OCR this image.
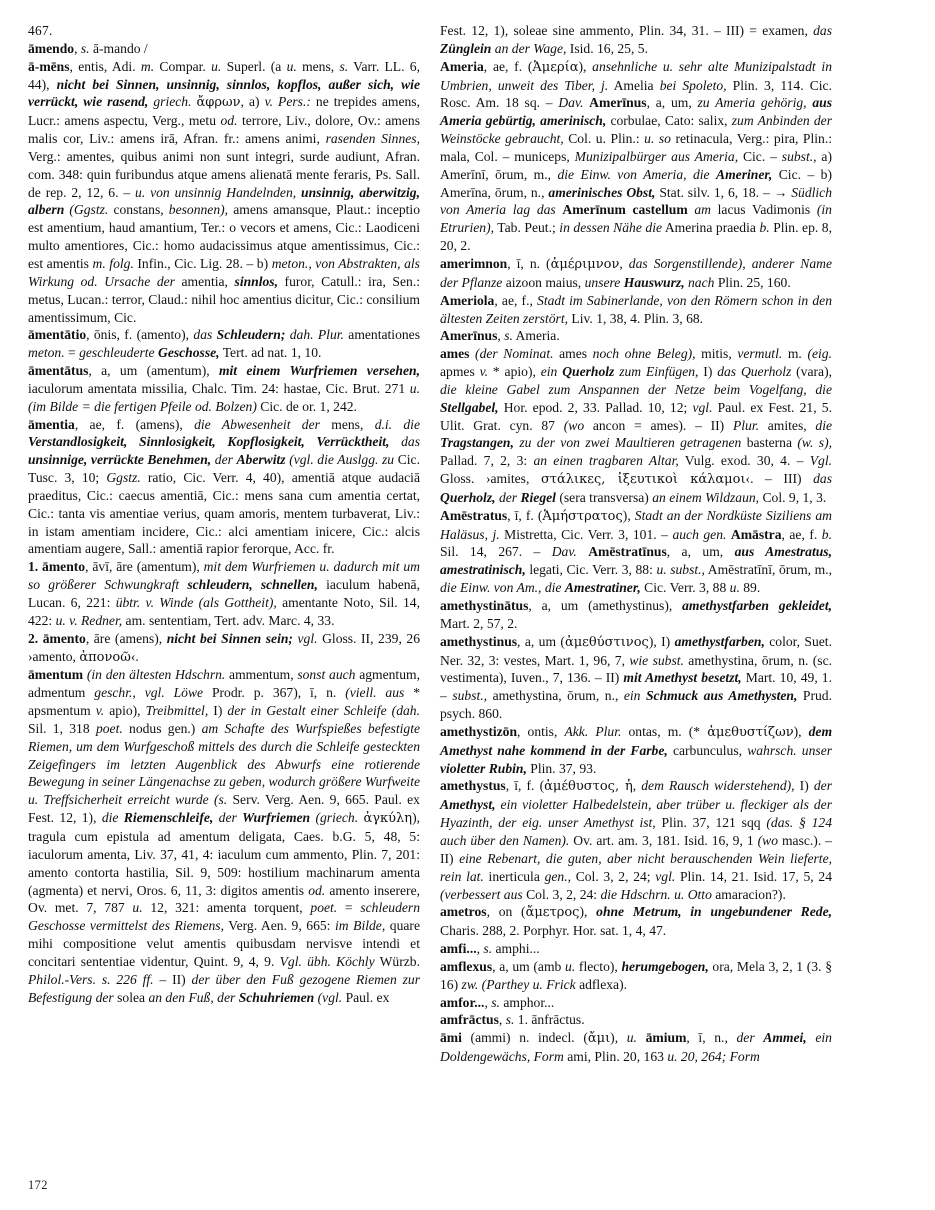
467.
āmendo, s. ā-mando /
ā-mēns, entis, Adi. m. Compar. u. Superl. (a u. mens, s. Varr. LL. 6, 44), nicht bei Sinnen, unsinnig, sinnlos, kopflos, außer sich, wie verrückt, wie rasend, griech. ἄφρων, a) v. Pers.: ne trepides amens, Lucr.: amens aspectu, Verg., metu od. terrore, Liv., dolore, Ov.: amens malis cor, Liv.: amens irā, Afran. fr.: amens animi, rasenden Sinnes, Verg.: amentes, quibus animi non sunt integri, surde audiunt, Afran. com. 348: quin furibundus atque amens alienatā mente feraris, Ps. Sall. de rep. 2, 12, 6. – u. von unsinnig Handelnden, unsinnig, aberwitzig, albern (Ggstz. constans, besonnen), amens amansque, Plaut.: inceptio est amentium, haud amantium, Ter.: o vecors et amens, Cic.: Laodiceni multo amentiores, Cic.: homo audacissimus atque amentissimus, Cic.: est amentis m. folg. Infin., Cic. Lig. 28. – b) meton., von Abstrakten, als Wirkung od. Ursache der amentia, sinnlos, furor, Catull.: ira, Sen.: metus, Lucan.: terror, Claud.: nihil hoc amentius dicitur, Cic.: consilium amentissimum, Cic.
āmentātio, ōnis, f. (amento), das Schleudern; dah. Plur. amentationes meton. = geschleuderte Geschosse, Tert. ad nat. 1, 10.
āmentātus, a, um (amentum), mit einem Wurfriemen versehen, iaculorum amentata missilia, Chalc. Tim. 24: hastae, Cic. Brut. 271 u. (im Bilde = die fertigen Pfeile od. Bolzen) Cic. de or. 1, 242.
āmentia, ae, f. (amens), die Abwesenheit der mens, d.i. die Verstandlosigkeit, Sinnlosigkeit, Kopflosigkeit, Verrücktheit, das unsinnige, verrückte Benehmen, der Aberwitz (vgl. die Auslgg. zu Cic. Tusc. 3, 10; Ggstz. ratio, Cic. Verr. 4, 40), amentiā atque audaciā praeditus, Cic.: caecus amentiā, Cic.: mens sana cum amentia certat, Cic.: tanta vis amentiae verius, quam amoris, mentem turbaverat, Liv.: in istam amentiam incidere, Cic.: alci amentiam inicere, Cic.: alcis amentiam augere, Sall.: amentiā rapior ferorque, Acc. fr.
1. āmento, āvī, āre (amentum), mit dem Wurfriemen u. dadurch mit um so größerer Schwungkraft schleudern, schnellen, iaculum habenā, Lucan. 6, 221: übtr. v. Winde (als Gottheit), amentante Noto, Sil. 14, 422: u. v. Redner, am. sententiam, Tert. adv. Marc. 4, 33.
2. āmento, āre (amens), nicht bei Sinnen sein; vgl. Gloss. II, 239, 26 ›amento, ἀπονοῶ‹.
āmentum (in den ältesten Hdschrn. ammentum, sonst auch agmentum, admentum geschr., vgl. Löwe Prodr. p. 367), ī, n. (viell. aus * apsmentum v. apio), Treibmittel, I) der in Gestalt einer Schleife (dah. Sil. 1, 318 poet. nodus gen.) am Schafte des Wurfspießes befestigte Riemen, um dem Wurfgeschoß mittels des durch die Schleife gesteckten Zeigefingers im letzten Augenblick des Abwurfs eine rotierende Bewegung in seiner Längenachse zu geben, wodurch größere Wurfweite u. Treffsicherheit erreicht wurde (s. Serv. Verg. Aen. 9, 665. Paul. ex Fest. 12, 1), die Riemenschleife, der Wurfriemen (griech. ἀγκύλη), tragula cum epistula ad amentum deligata, Caes. b.G. 5, 48, 5: iaculorum amenta, Liv. 37, 41, 4: iaculum cum ammento, Plin. 7, 201: amento contorta hastilia, Sil. 9, 509: hostilium machinarum amenta (agmenta) et nervi, Oros. 6, 11, 3: digitos amentis od. amento inserere, Ov. met. 7, 787 u. 12, 321: amenta torquent, poet. = schleudern Geschosse vermittelst des Riemens, Verg. Aen. 9, 665: im Bilde, quare mihi compositione velut amentis quibusdam nervisve intendi et concitari sententiae videntur, Quint. 9, 4, 9. Vgl. übh. Köchly Würzb. Philol.-Vers. s. 226 ff. – II) der über den Fuß gezogene Riemen zur Befestigung der solea an den Fuß, der Schuhriemen (vgl. Paul. ex
Fest. 12, 1), soleae sine ammento, Plin. 34, 31. – III) = examen, das Zünglein an der Wage, Isid. 16, 25, 5.
Ameria, ae, f. (Ἀμερία), ansehnliche u. sehr alte Munizipalstadt in Umbrien, unweit des Tiber, j. Amelia bei Spoleto, Plin. 3, 114. Cic. Rosc. Am. 18 sq. – Dav. Amerīnus, a, um, zu Ameria gehörig, aus Ameria gebürtig, amerinisch, corbulae, Cato: salix, zum Anbinden der Weinstöcke gebraucht, Col. u. Plin.: u. so retinacula, Verg.: pira, Plin.: mala, Col. – municeps, Munizipalbürger aus Ameria, Cic. – subst., a) Amerīnī, ōrum, m., die Einw. von Ameria, die Ameriner, Cic. – b) Amerīna, ōrum, n., amerinisches Obst, Stat. silv. 1, 6, 18. – → Südlich von Ameria lag das Amerīnum castellum am lacus Vadimonis (in Etrurien), Tab. Peut.; in dessen Nähe die Amerina praedia b. Plin. ep. 8, 20, 2.
amerimnon, ī, n. (ἀμέριμνον, das Sorgenstillende), anderer Name der Pflanze aizoon maius, unsere Hauswurz, nach Plin. 25, 160.
Ameriola, ae, f., Stadt im Sabinerlande, von den Römern schon in den ältesten Zeiten zerstört, Liv. 1, 38, 4. Plin. 3, 68.
Amerīnus, s. Ameria.
ames (der Nominat. ames noch ohne Beleg), mitis, vermutl. m. (eig. apmes v. * apio), ein Querholz zum Einfügen, I) das Querholz (vara), die kleine Gabel zum Anspannen der Netze beim Vogelfang, die Stellgabel, Hor. epod. 2, 33. Pallad. 10, 12; vgl. Paul. ex Fest. 21, 5. Ulit. Grat. cyn. 87 (wo ancon = ames). – II) Plur. amites, die Tragstangen, zu der von zwei Maultieren getragenen basterna (w. s), Pallad. 7, 2, 3: an einen tragbaren Altar, Vulg. exod. 30, 4. – Vgl. Gloss. ›amites, στάλικες, ἰξευτικοὶ κάλαμοι‹. – III) das Querholz, der Riegel (sera transversa) an einem Wildzaun, Col. 9, 1, 3.
Amēstratus, ī, f. (Ἀμήστρατος), Stadt an der Nordküste Siziliens am Haläsus, j. Mistretta, Cic. Verr. 3, 101. – auch gen. Amāstra, ae, f. b. Sil. 14, 267. – Dav. Amēstratīnus, a, um, aus Amestratus, amestratinisch, legati, Cic. Verr. 3, 88: u. subst., Amēstratīnī, ōrum, m., die Einw. von Am., die Amestratiner, Cic. Verr. 3, 88 u. 89.
amethystinātus, a, um (amethystinus), amethystfarben gekleidet, Mart. 2, 57, 2.
amethystinus, a, um (ἀμεθύστινος), I) amethystfarben, color, Suet. Ner. 32, 3: vestes, Mart. 1, 96, 7, wie subst. amethystina, ōrum, n. (sc. vestimenta), Iuven., 7, 136. – II) mit Amethyst besetzt, Mart. 10, 49, 1. – subst., amethystina, ōrum, n., ein Schmuck aus Amethysten, Prud. psych. 860.
amethystizōn, ontis, Akk. Plur. ontas, m. (* ἀμεθυστίζων), dem Amethyst nahe kommend in der Farbe, carbunculus, wahrsch. unser violetter Rubin, Plin. 37, 93.
amethystus, ī, f. (ἀμέθυστος, ἡ, dem Rausch widerstehend), I) der Amethyst, ein violetter Halbedelstein, aber trüber u. fleckiger als der Hyazinth, der eig. unser Amethyst ist, Plin. 37, 121 sqq (das. § 124 auch über den Namen). Ov. art. am. 3, 181. Isid. 16, 9, 1 (wo masc.). – II) eine Rebenart, die guten, aber nicht berauschenden Wein lieferte, rein lat. inerticula gen., Col. 3, 2, 24; vgl. Plin. 14, 21. Isid. 17, 5, 24 (verbessert aus Col. 3, 2, 24: die Hdschrn. u. Otto amaracion?).
ametros, on (ἄμετρος), ohne Metrum, in ungebundener Rede, Charis. 288, 2. Porphyr. Hor. sat. 1, 4, 47.
amfi..., s. amphi...
amflexus, a, um (amb u. flecto), herumgebogen, ora, Mela 3, 2, 1 (3. § 16) zw. (Parthey u. Frick adflexa).
amfor..., s. amphor...
amfrāctus, s. 1. ānfrāctus.
āmi (ammi) n. indecl. (ἄμι), u. āmium, ī, n., der Ammei, ein Doldengewächs, Form ami, Plin. 20, 163 u. 20, 264; Form
172
